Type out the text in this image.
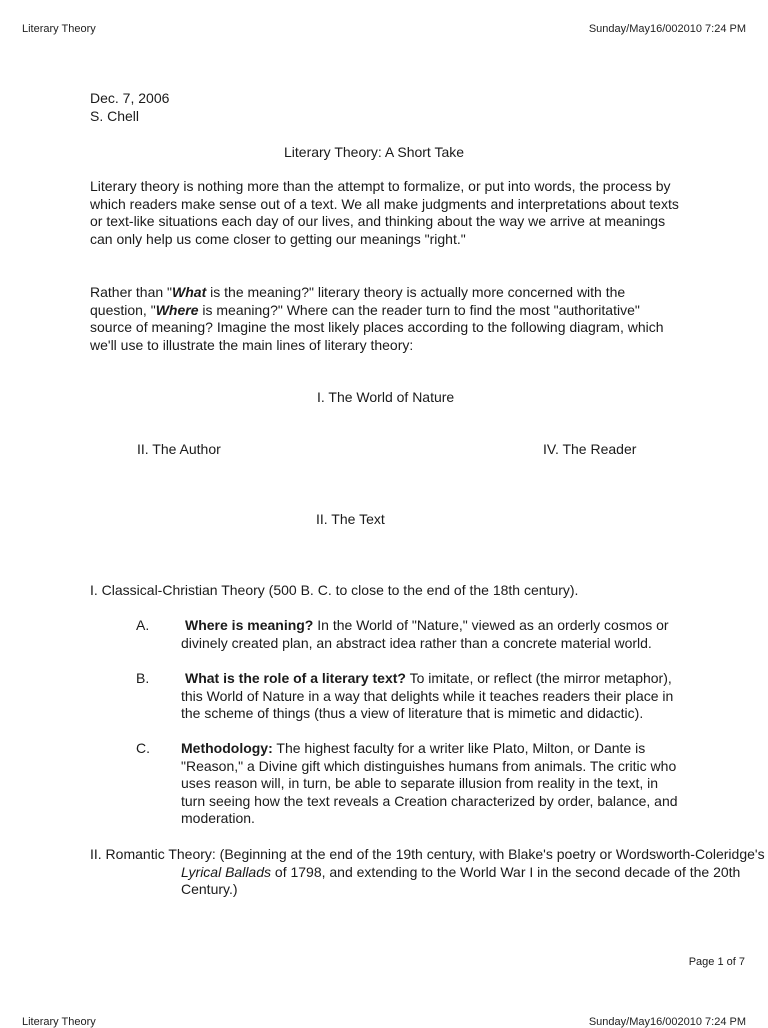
Literary Theory	Sunday/May16/002010 7:24 PM
Dec. 7, 2006
S. Chell
Literary Theory: A Short Take

Literary theory is nothing more than the attempt to formalize, or put into words, the process by which readers make sense out of a text. We all make judgments and interpretations about texts or text-like situations each day of our lives, and thinking about the way we arrive at meanings can only help us come closer to getting our meanings "right."

Rather than "What is the meaning?" literary theory is actually more concerned with the question, "Where is meaning?" Where can the reader turn to find the most "authoritative" source of meaning? Imagine the most likely places according to the following diagram, which we'll use to illustrate the main lines of literary theory:

I. The World of Nature
II. The Author	IV. The Reader
II. The Text
I. Classical-Christian Theory (500 B. C. to close to the end of the 18th century).
A.	Where is meaning? In the World of "Nature," viewed as an orderly cosmos or divinely created plan, an abstract idea rather than a concrete material world.
B.	What is the role of a literary text? To imitate, or reflect (the mirror metaphor), this World of Nature in a way that delights while it teaches readers their place in the scheme of things (thus a view of literature that is mimetic and didactic).
C. Methodology: The highest faculty for a writer like Plato, Milton, or Dante is "Reason," a Divine gift which distinguishes humans from animals. The critic who uses reason will, in turn, be able to separate illusion from reality in the text, in turn seeing how the text reveals a Creation characterized by order, balance, and moderation.

II. Romantic Theory: (Beginning at the end of the 19th century, with Blake's poetry or Wordsworth-Coleridge's Lyrical Ballads of 1798, and extending to the World War I in the second decade of the 20th Century.)

Page 1 of 7
Literary Theory	Sunday/May16/002010 7:24 PM
